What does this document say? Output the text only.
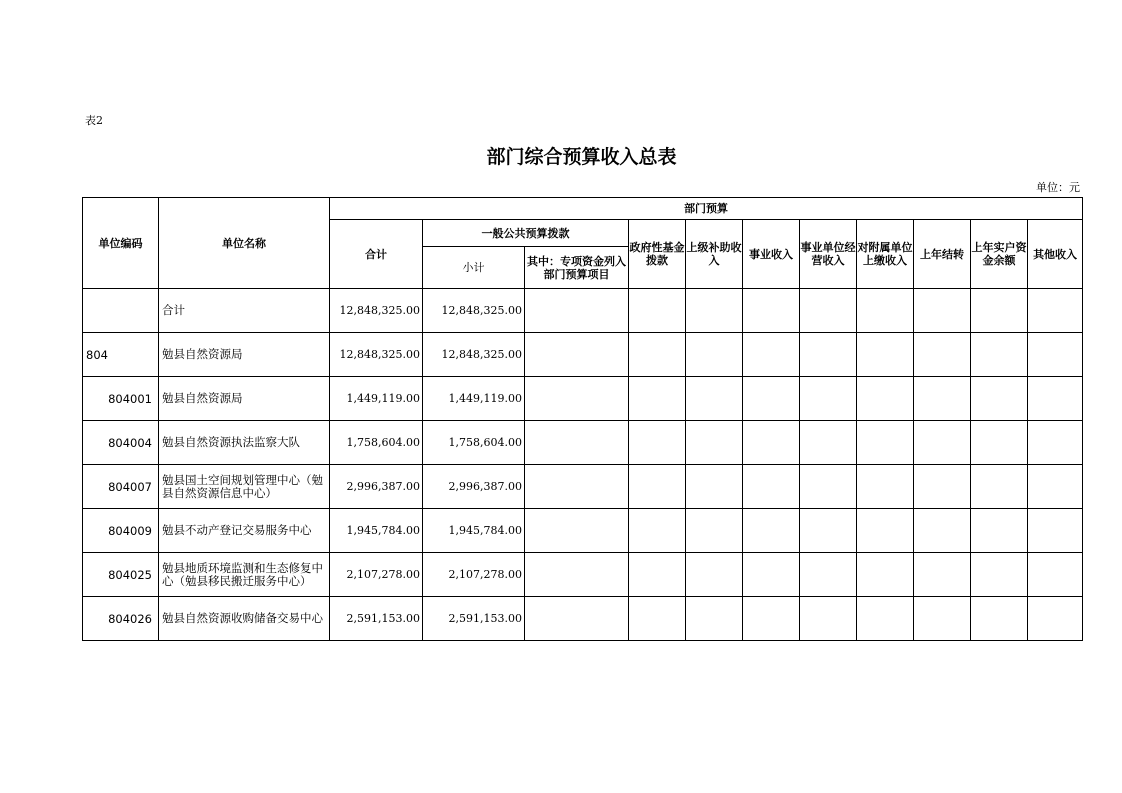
表2
部门综合预算收入总表
单位：元
单位编码	单位名称	部门预算										
		合计	一般公共预算拨款		政府性基金拨款	上级补助收入	事业收入	事业单位经营收入	对附属单位上缴收入	上年结转	上年实户资金余额	其他收入
			小计	其中：专项资金列入部门预算项目								
	合计	12,848,325.00	12,848,325.00									
804	勉县自然资源局	12,848,325.00	12,848,325.00									
804001	勉县自然资源局	1,449,119.00	1,449,119.00									
804004	勉县自然资源执法监察大队	1,758,604.00	1,758,604.00									
804007	勉县国土空间规划管理中心（勉县自然资源信息中心）	2,996,387.00	2,996,387.00									
804009	勉县不动产登记交易服务中心	1,945,784.00	1,945,784.00									
804025	勉县地质环境监测和生态修复中心（勉县移民搬迁服务中心）	2,107,278.00	2,107,278.00									
804026	勉县自然资源收购储备交易中心	2,591,153.00	2,591,153.00									
